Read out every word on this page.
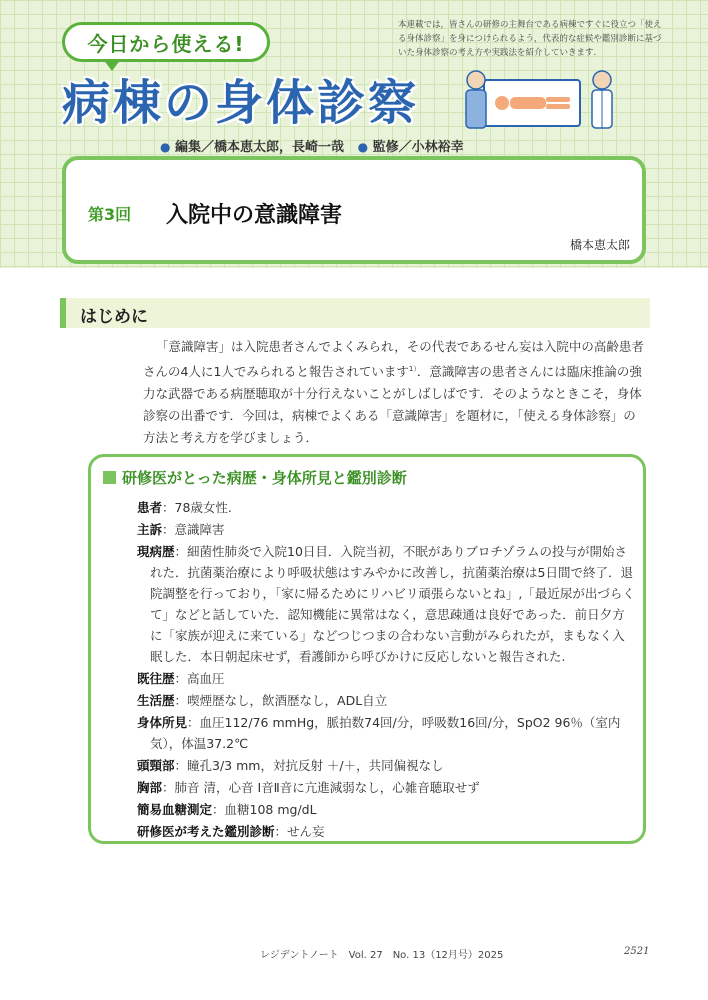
今日から使える!
病棟の身体診察
● 編集／橋本恵太郎，長崎一哉 ● 監修／小林裕幸
本連載では，皆さんの研修の主舞台である病棟ですぐに役立つ「使える身体診察」を身につけられるよう，代表的な症候や鑑別診断に基づいた身体診察の考え方や実践法を紹介していきます.
第3回 入院中の意識障害
橋本恵太郎
はじめに

「意識障害」は入院患者さんでよくみられ，その代表であるせん妄は入院中の高齢患者さんの4人に1人でみられると報告されています$^{1)}$．意識障害の患者さんには臨床推論の強力な武器である病歴聴取が十分行えないことがしばしばです．そのようなときこそ，身体診察の出番です．今回は，病棟でよくある「意識障害」を題材に，「使える身体診察」の方法と考え方を学びましょう．

研修医がとった病歴・身体所見と鑑別診断
患者：78歳女性.
主訴：意識障害
現病歴：細菌性肺炎で入院10日目．入院当初，不眠がありブロチゾラムの投与が開始された．抗菌薬治療により呼吸状態はすみやかに改善し，抗菌薬治療は5日間で終了．退院調整を行っており，「家に帰るためにリハビリ頑張らないとね」,「最近尿が出づらくて」などと話していた．認知機能に異常はなく，意思疎通は良好であった．前日夕方に「家族が迎えに来ている」などつじつまの合わない言動がみられたが，まもなく入眠した．本日朝起床せず，看護師から呼びかけに反応しないと報告された.
既往歴：高血圧
生活歴：喫煙歴なし，飲酒歴なし，ADL自立
身体所見：血圧112/76 mmHg，脈拍数74回/分，呼吸数16回/分，SpO2 96％（室内気），体温37.2℃
頭頸部：瞳孔3/3 mm，対抗反射 ＋/＋，共同偏視なし
胸部：肺音 清，心音 Ⅰ音Ⅱ音に亢進減弱なし，心雑音聴取せず
簡易血糖測定：血糖108 mg/dL
研修医が考えた鑑別診断：せん妄
レジデントノート　Vol. 27　No. 13（12月号）2025	2521
